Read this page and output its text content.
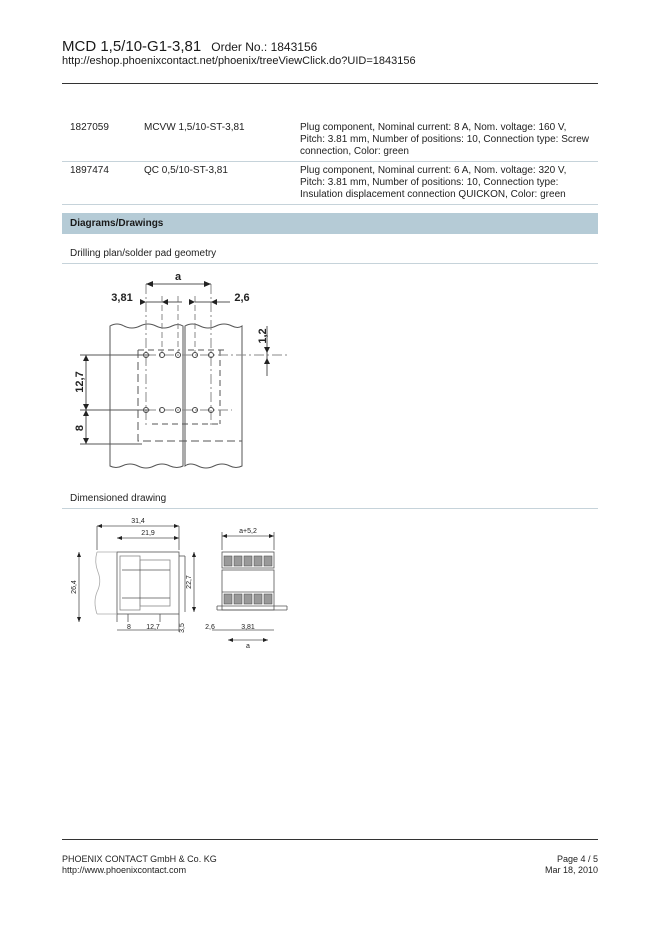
MCD 1,5/10-G1-3,81 Order No.: 1843156
http://eshop.phoenixcontact.net/phoenix/treeViewClick.do?UID=1843156
1827059	MCVW 1,5/10-ST-3,81	Plug component, Nominal current: 8 A, Nom. voltage: 160 V,
Pitch: 3.81 mm, Number of positions: 10, Connection type: Screw
connection, Color: green
1897474	QC 0,5/10-ST-3,81	Plug component, Nominal current: 6 A, Nom. voltage: 320 V,
Pitch: 3.81 mm, Number of positions: 10, Connection type:
Insulation displacement connection QUICKON, Color: green
Diagrams/Drawings
Drilling plan/solder pad geometry
a
3,81	2,6
1,2
12,7
8
Dimensioned drawing
31,4
21,9
26,4	22,7
8 12,7	3,5
a+5,2
2,6	3,81
a
PHOENIX CONTACT GmbH & Co. KG
http://www.phoenixcontact.com
Page 4 / 5
Mar 18, 2010
